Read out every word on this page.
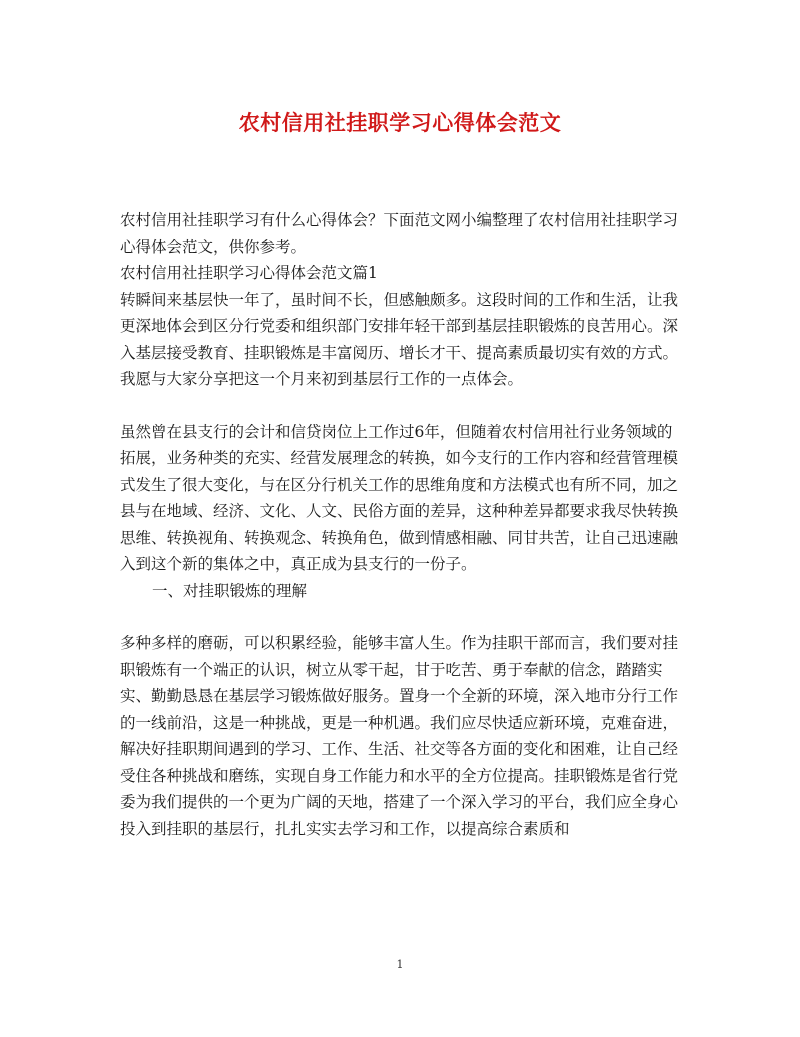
农村信用社挂职学习心得体会范文

农村信用社挂职学习有什么心得体会？下面范文网小编整理了农村信用社挂职学习心得体会范文，供你参考。

农村信用社挂职学习心得体会范文篇1

转瞬间来基层快一年了，虽时间不长，但感触颇多。这段时间的工作和生活，让我更深地体会到区分行党委和组织部门安排年轻干部到基层挂职锻炼的良苦用心。深入基层接受教育、挂职锻炼是丰富阅历、增长才干、提高素质最切实有效的方式。我愿与大家分享把这一个月来初到基层行工作的一点体会。

虽然曾在县支行的会计和信贷岗位上工作过6年，但随着农村信用社行业务领域的拓展，业务种类的充实、经营发展理念的转换，如今支行的工作内容和经营管理模式发生了很大变化，与在区分行机关工作的思维角度和方法模式也有所不同，加之县与在地域、经济、文化、人文、民俗方面的差异，这种种差异都要求我尽快转换思维、转换视角、转换观念、转换角色，做到情感相融、同甘共苦，让自己迅速融入到这个新的集体之中，真正成为县支行的一份子。

一、对挂职锻炼的理解

多种多样的磨砺，可以积累经验，能够丰富人生。作为挂职干部而言，我们要对挂职锻炼有一个端正的认识，树立从零干起，甘于吃苦、勇于奉献的信念，踏踏实实、勤勤恳恳在基层学习锻炼做好服务。置身一个全新的环境，深入地市分行工作的一线前沿，这是一种挑战，更是一种机遇。我们应尽快适应新环境，克难奋进，解决好挂职期间遇到的学习、工作、生活、社交等各方面的变化和困难，让自己经受住各种挑战和磨练，实现自身工作能力和水平的全方位提高。挂职锻炼是省行党委为我们提供的一个更为广阔的天地，搭建了一个深入学习的平台，我们应全身心投入到挂职的基层行，扎扎实实去学习和工作，以提高综合素质和

1
